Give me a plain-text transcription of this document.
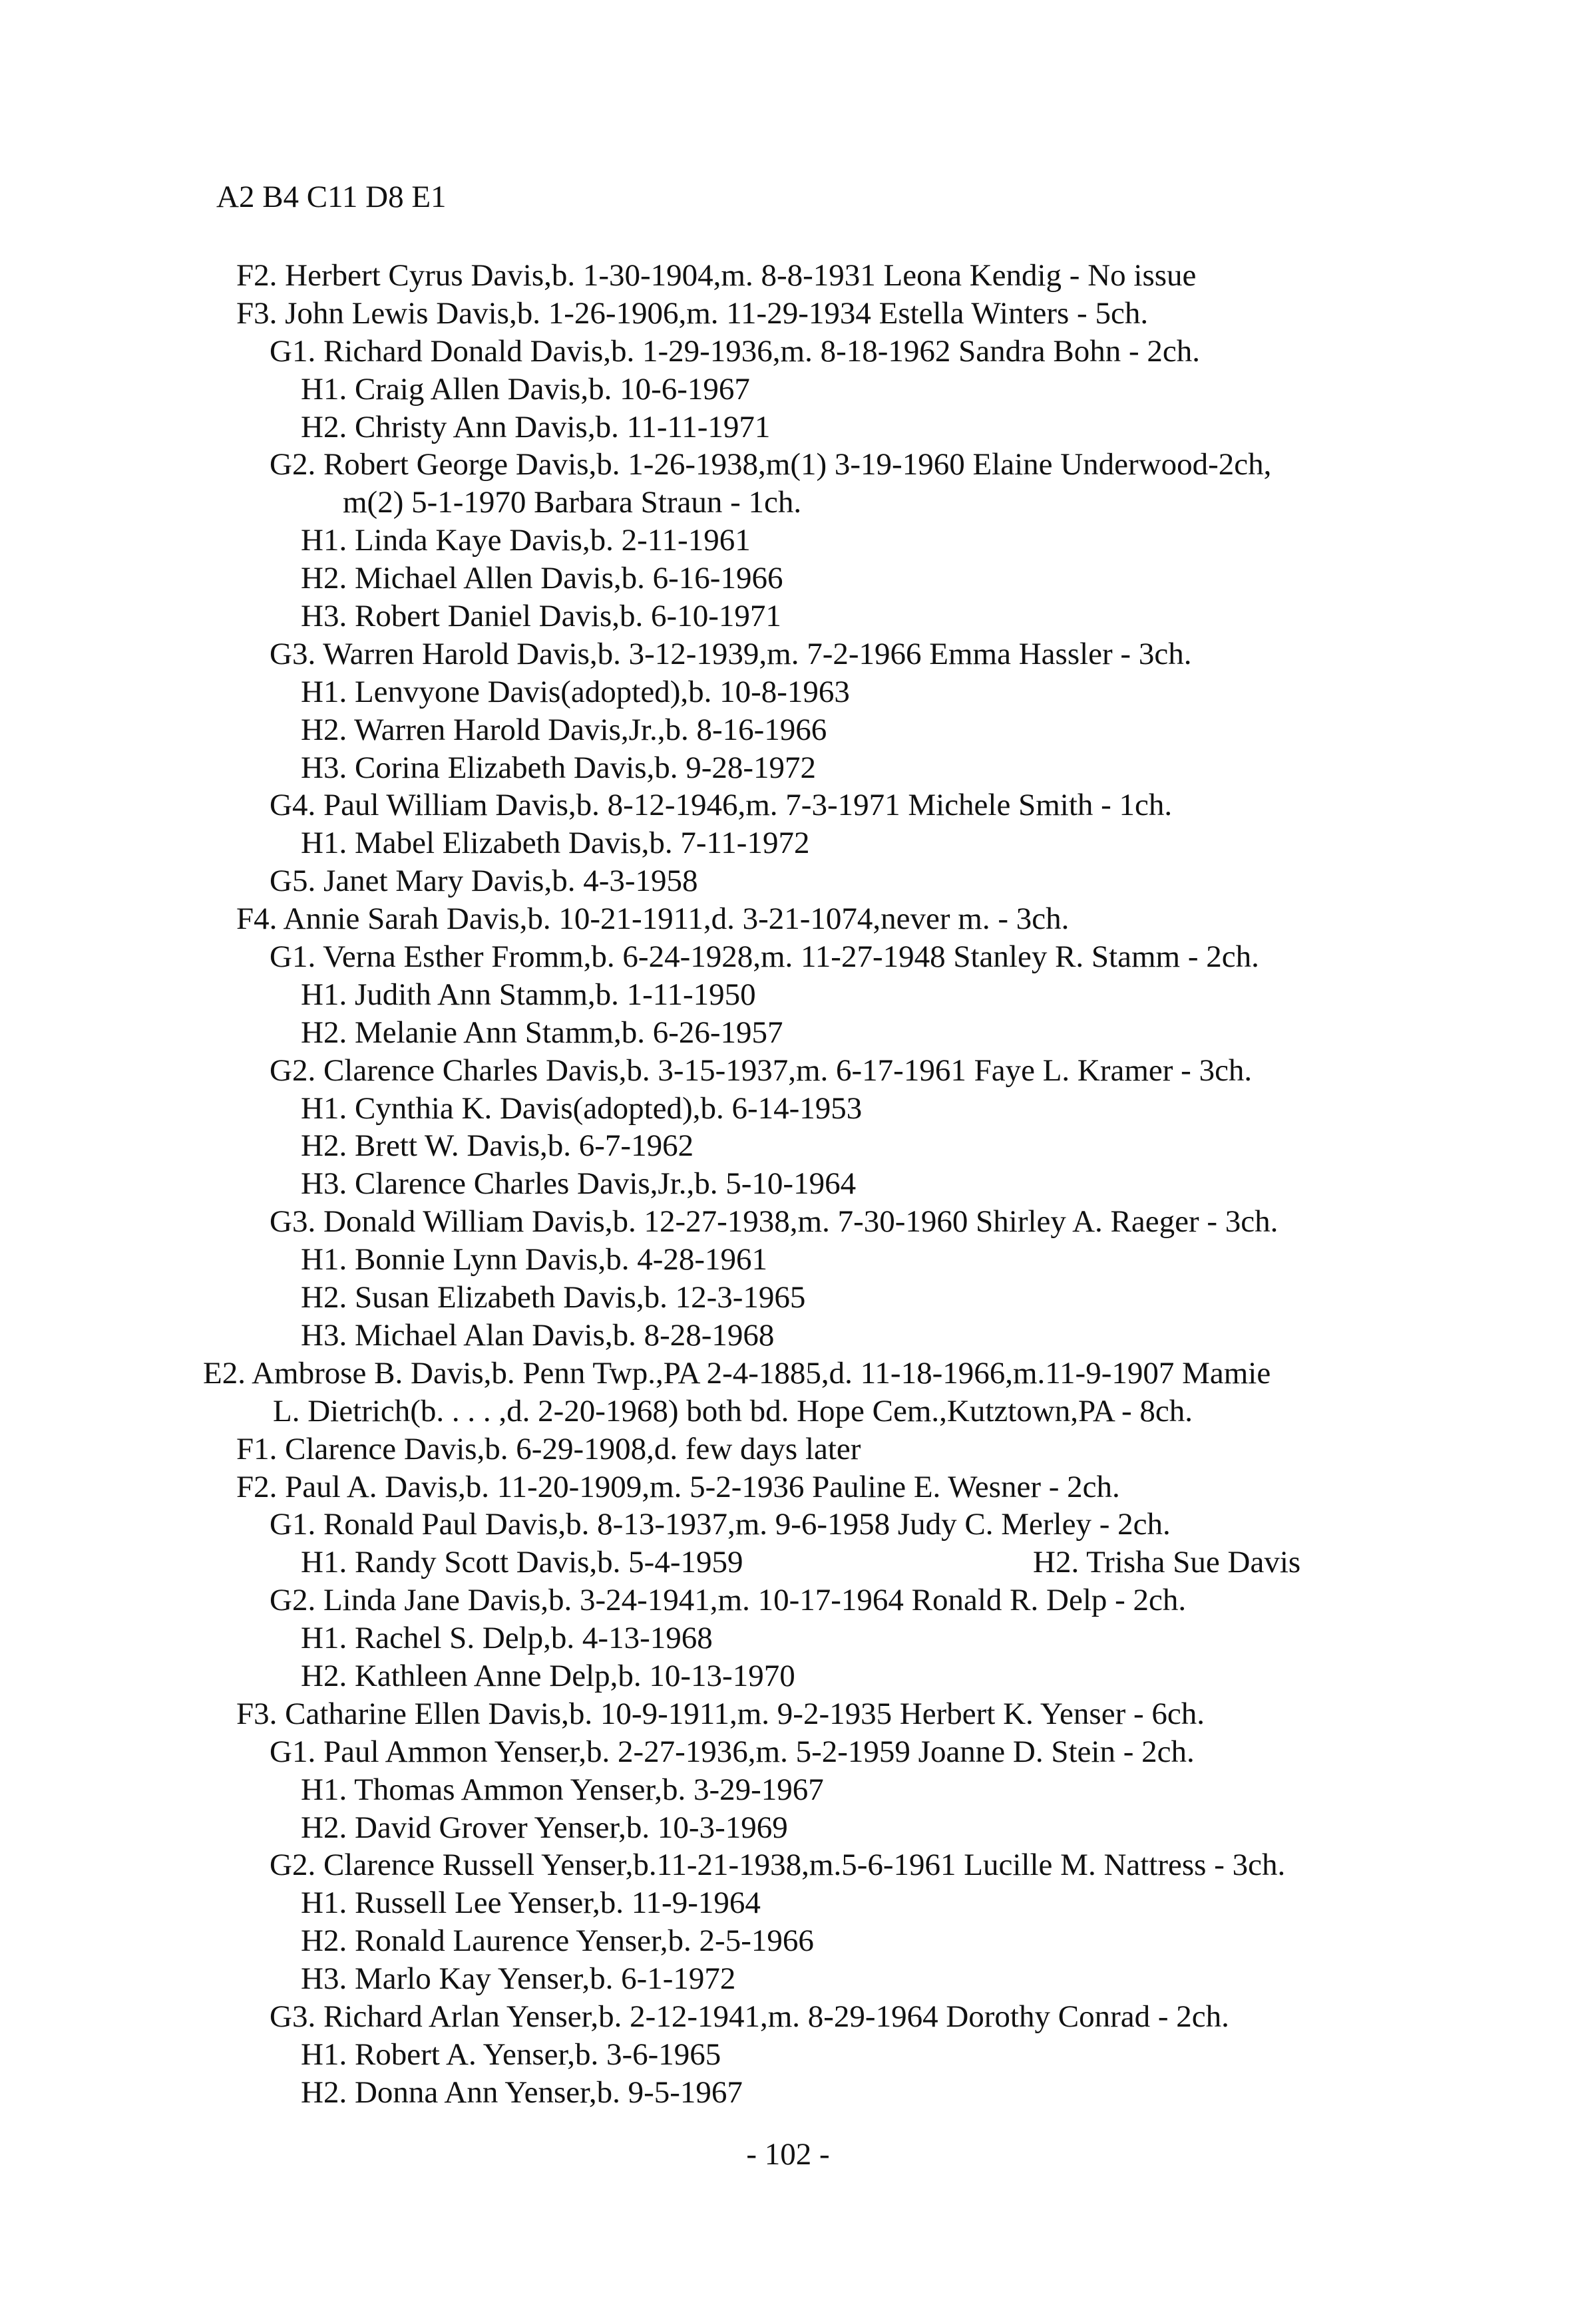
A2 B4 C11 D8 E1
F2. Herbert Cyrus Davis,b. 1-30-1904,m. 8-8-1931 Leona Kendig - No issue
F3. John Lewis Davis,b. 1-26-1906,m. 11-29-1934 Estella Winters - 5ch.
G1. Richard Donald Davis,b. 1-29-1936,m. 8-18-1962 Sandra Bohn - 2ch.
H1. Craig Allen Davis,b. 10-6-1967
H2. Christy Ann Davis,b. 11-11-1971
G2. Robert George Davis,b. 1-26-1938,m(1) 3-19-1960 Elaine Underwood-2ch,
m(2) 5-1-1970 Barbara Straun - 1ch.
H1. Linda Kaye Davis,b. 2-11-1961
H2. Michael Allen Davis,b. 6-16-1966
H3. Robert Daniel Davis,b. 6-10-1971
G3. Warren Harold Davis,b. 3-12-1939,m. 7-2-1966 Emma Hassler - 3ch.
H1. Lenvyone Davis(adopted),b. 10-8-1963
H2. Warren Harold Davis,Jr.,b. 8-16-1966
H3. Corina Elizabeth Davis,b. 9-28-1972
G4. Paul William Davis,b. 8-12-1946,m. 7-3-1971 Michele Smith - 1ch.
H1. Mabel Elizabeth Davis,b. 7-11-1972
G5. Janet Mary Davis,b. 4-3-1958
F4. Annie Sarah Davis,b. 10-21-1911,d. 3-21-1074,never m. - 3ch.
G1. Verna Esther Fromm,b. 6-24-1928,m. 11-27-1948 Stanley R. Stamm - 2ch.
H1. Judith Ann Stamm,b. 1-11-1950
H2. Melanie Ann Stamm,b. 6-26-1957
G2. Clarence Charles Davis,b. 3-15-1937,m. 6-17-1961 Faye L. Kramer - 3ch.
H1. Cynthia K. Davis(adopted),b. 6-14-1953
H2. Brett W. Davis,b. 6-7-1962
H3. Clarence Charles Davis,Jr.,b. 5-10-1964
G3. Donald William Davis,b. 12-27-1938,m. 7-30-1960 Shirley A. Raeger - 3ch.
H1. Bonnie Lynn Davis,b. 4-28-1961
H2. Susan Elizabeth Davis,b. 12-3-1965
H3. Michael Alan Davis,b. 8-28-1968
E2. Ambrose B. Davis,b. Penn Twp.,PA 2-4-1885,d. 11-18-1966,m.11-9-1907 Mamie
L. Dietrich(b. . . . ,d. 2-20-1968) both bd. Hope Cem.,Kutztown,PA - 8ch.
F1. Clarence Davis,b. 6-29-1908,d. few days later
F2. Paul A. Davis,b. 11-20-1909,m. 5-2-1936 Pauline E. Wesner - 2ch.
G1. Ronald Paul Davis,b. 8-13-1937,m. 9-6-1958 Judy C. Merley - 2ch.
H1. Randy Scott Davis,b. 5-4-1959	H2. Trisha Sue Davis
G2. Linda Jane Davis,b. 3-24-1941,m. 10-17-1964 Ronald R. Delp - 2ch.
H1. Rachel S. Delp,b. 4-13-1968
H2. Kathleen Anne Delp,b. 10-13-1970
F3. Catharine Ellen Davis,b. 10-9-1911,m. 9-2-1935 Herbert K. Yenser - 6ch.
G1. Paul Ammon Yenser,b. 2-27-1936,m. 5-2-1959 Joanne D. Stein - 2ch.
H1. Thomas Ammon Yenser,b. 3-29-1967
H2. David Grover Yenser,b. 10-3-1969
G2. Clarence Russell Yenser,b.11-21-1938,m.5-6-1961 Lucille M. Nattress - 3ch.
H1. Russell Lee Yenser,b. 11-9-1964
H2. Ronald Laurence Yenser,b. 2-5-1966
H3. Marlo Kay Yenser,b. 6-1-1972
G3. Richard Arlan Yenser,b. 2-12-1941,m. 8-29-1964 Dorothy Conrad - 2ch.
H1. Robert A. Yenser,b. 3-6-1965
H2. Donna Ann Yenser,b. 9-5-1967
- 102 -
